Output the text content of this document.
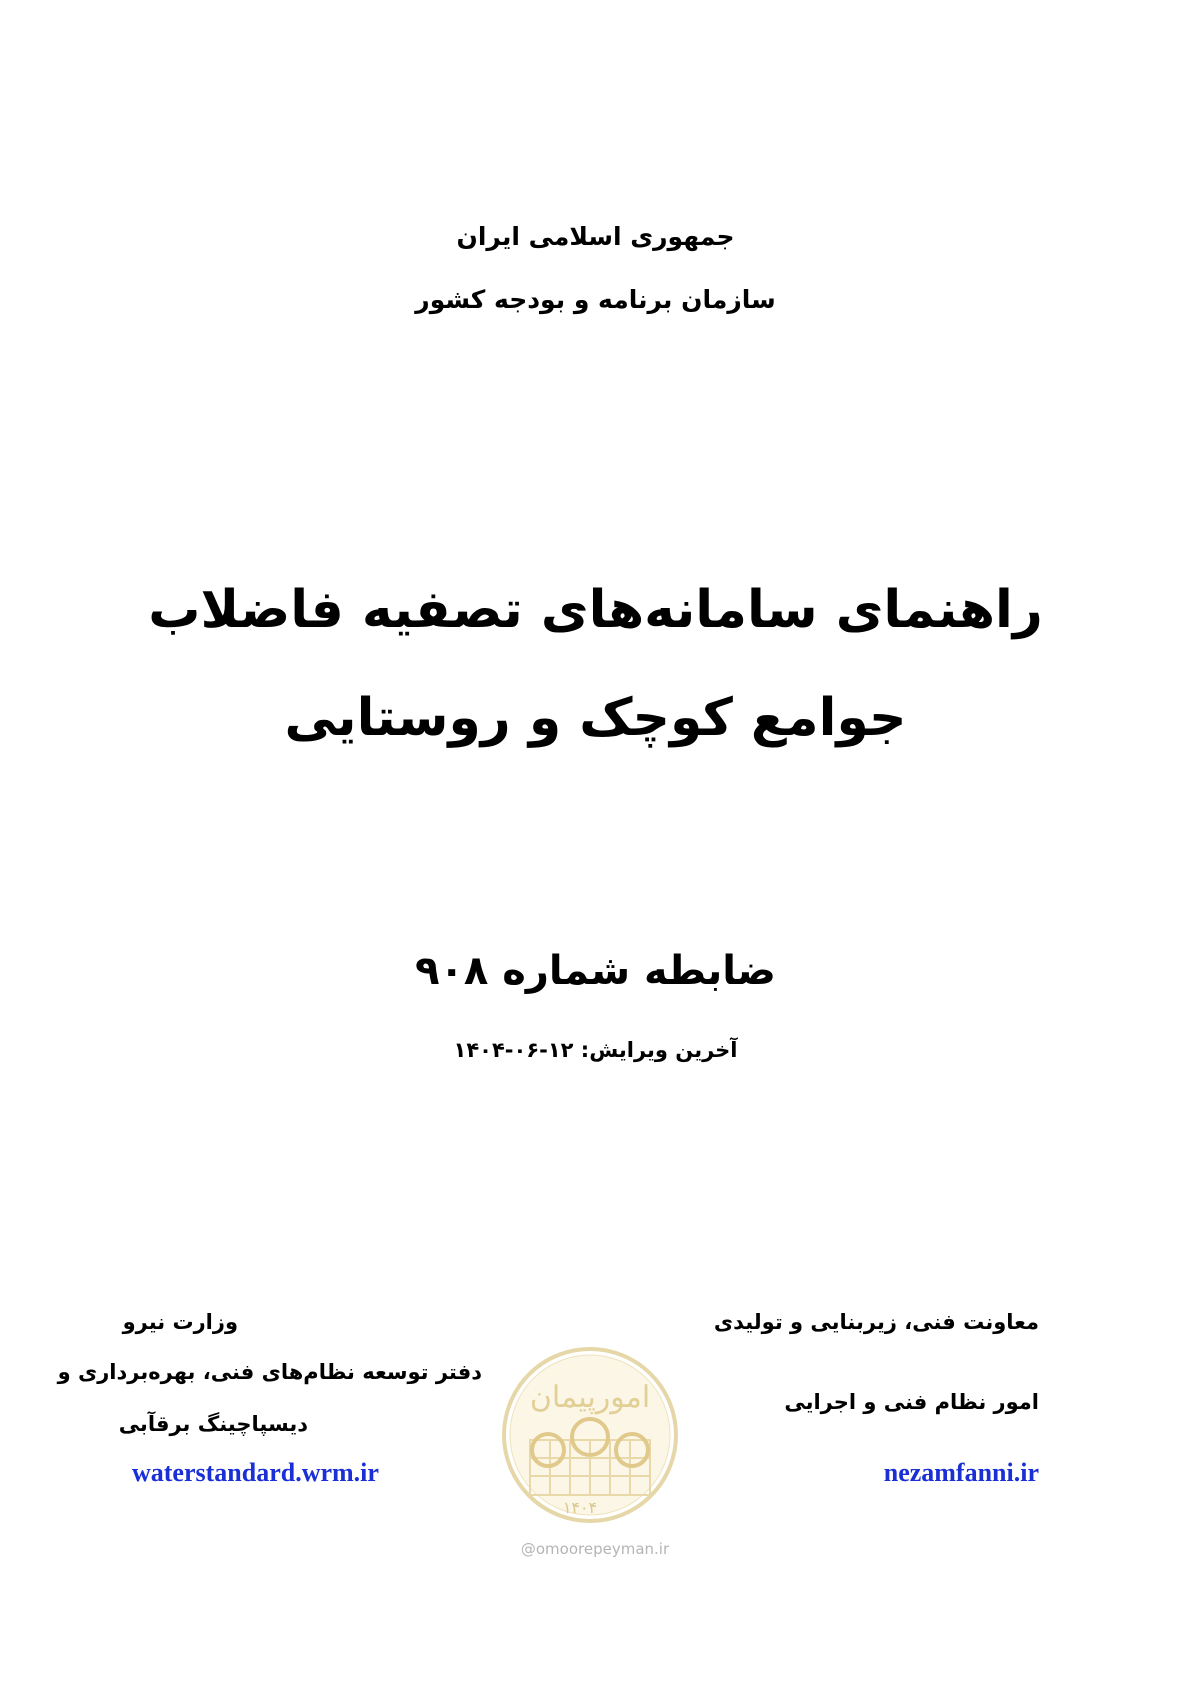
جمهوری اسلامی ایران
سازمان برنامه و بودجه کشور
راهنمای سامانه‌های تصفیه فاضلاب
جوامع کوچک و روستایی
ضابطه شماره ۹۰۸
آخرین ویرایش: ۱۲-۰۶-۱۴۰۴
معاونت فنی، زیربنایی و تولیدی
امور نظام فنی و اجرایی
nezamfanni.ir
وزارت نیرو
دفتر توسعه نظام‌های فنی، بهره‌برداری و
دیسپاچینگ برقآبی
waterstandard.wrm.ir
امورپیمان
۱۴۰۴
@omoorepeyman.ir
